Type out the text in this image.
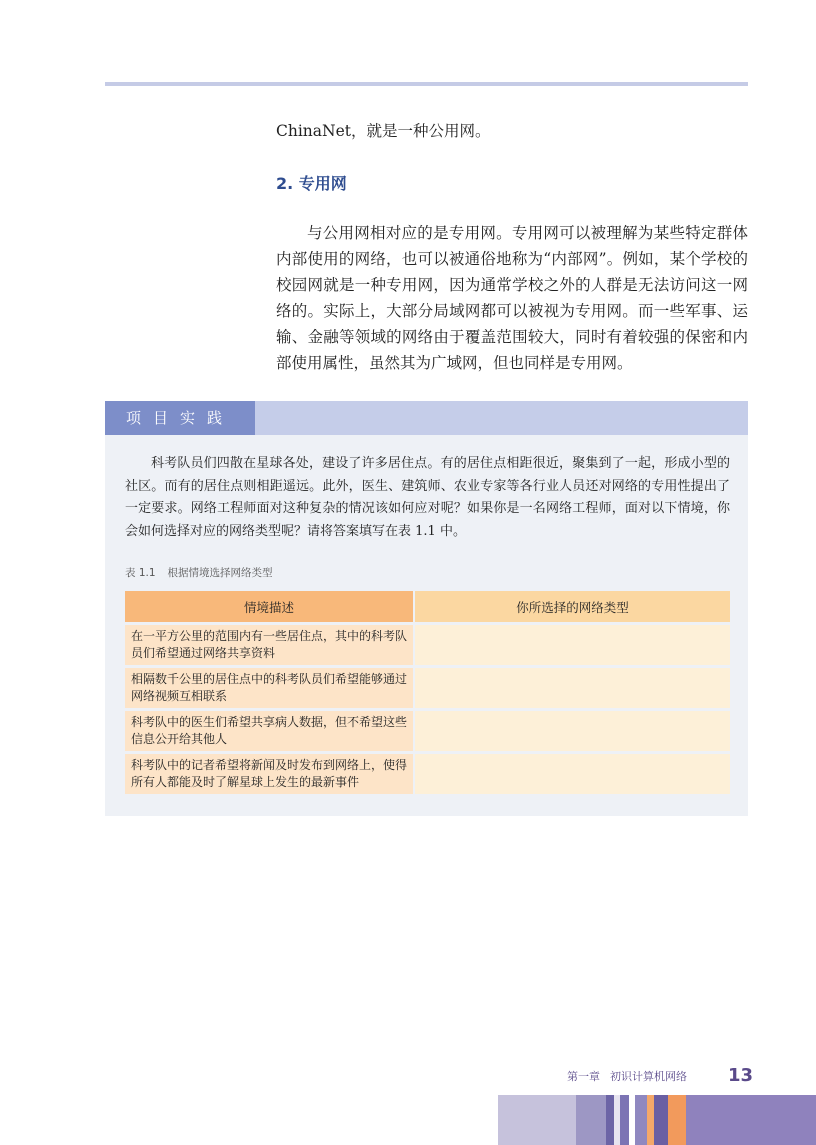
ChinaNet，就是一种公用网。
2. 专用网
与公用网相对应的是专用网。专用网可以被理解为某些特定群体内部使用的网络，也可以被通俗地称为“内部网”。例如，某个学校的校园网就是一种专用网，因为通常学校之外的人群是无法访问这一网络的。实际上，大部分局域网都可以被视为专用网。而一些军事、运输、金融等领域的网络由于覆盖范围较大，同时有着较强的保密和内部使用属性，虽然其为广域网，但也同样是专用网。
项目实践
科考队员们四散在星球各处，建设了许多居住点。有的居住点相距很近，聚集到了一起，形成小型的社区。而有的居住点则相距遥远。此外，医生、建筑师、农业专家等各行业人员还对网络的专用性提出了一定要求。网络工程师面对这种复杂的情况该如何应对呢？如果你是一名网络工程师，面对以下情境，你会如何选择对应的网络类型呢？请将答案填写在表 1.1 中。
表 1.1 根据情境选择网络类型
情境描述		你所选择的网络类型
在一平方公里的范围内有一些居住点，其中的科考队员们希望通过网络共享资料		
相隔数千公里的居住点中的科考队员们希望能够通过网络视频互相联系		
科考队中的医生们希望共享病人数据，但不希望这些信息公开给其他人		
科考队中的记者希望将新闻及时发布到网络上，使得所有人都能及时了解星球上发生的最新事件		
第一章 初识计算机网络	13
